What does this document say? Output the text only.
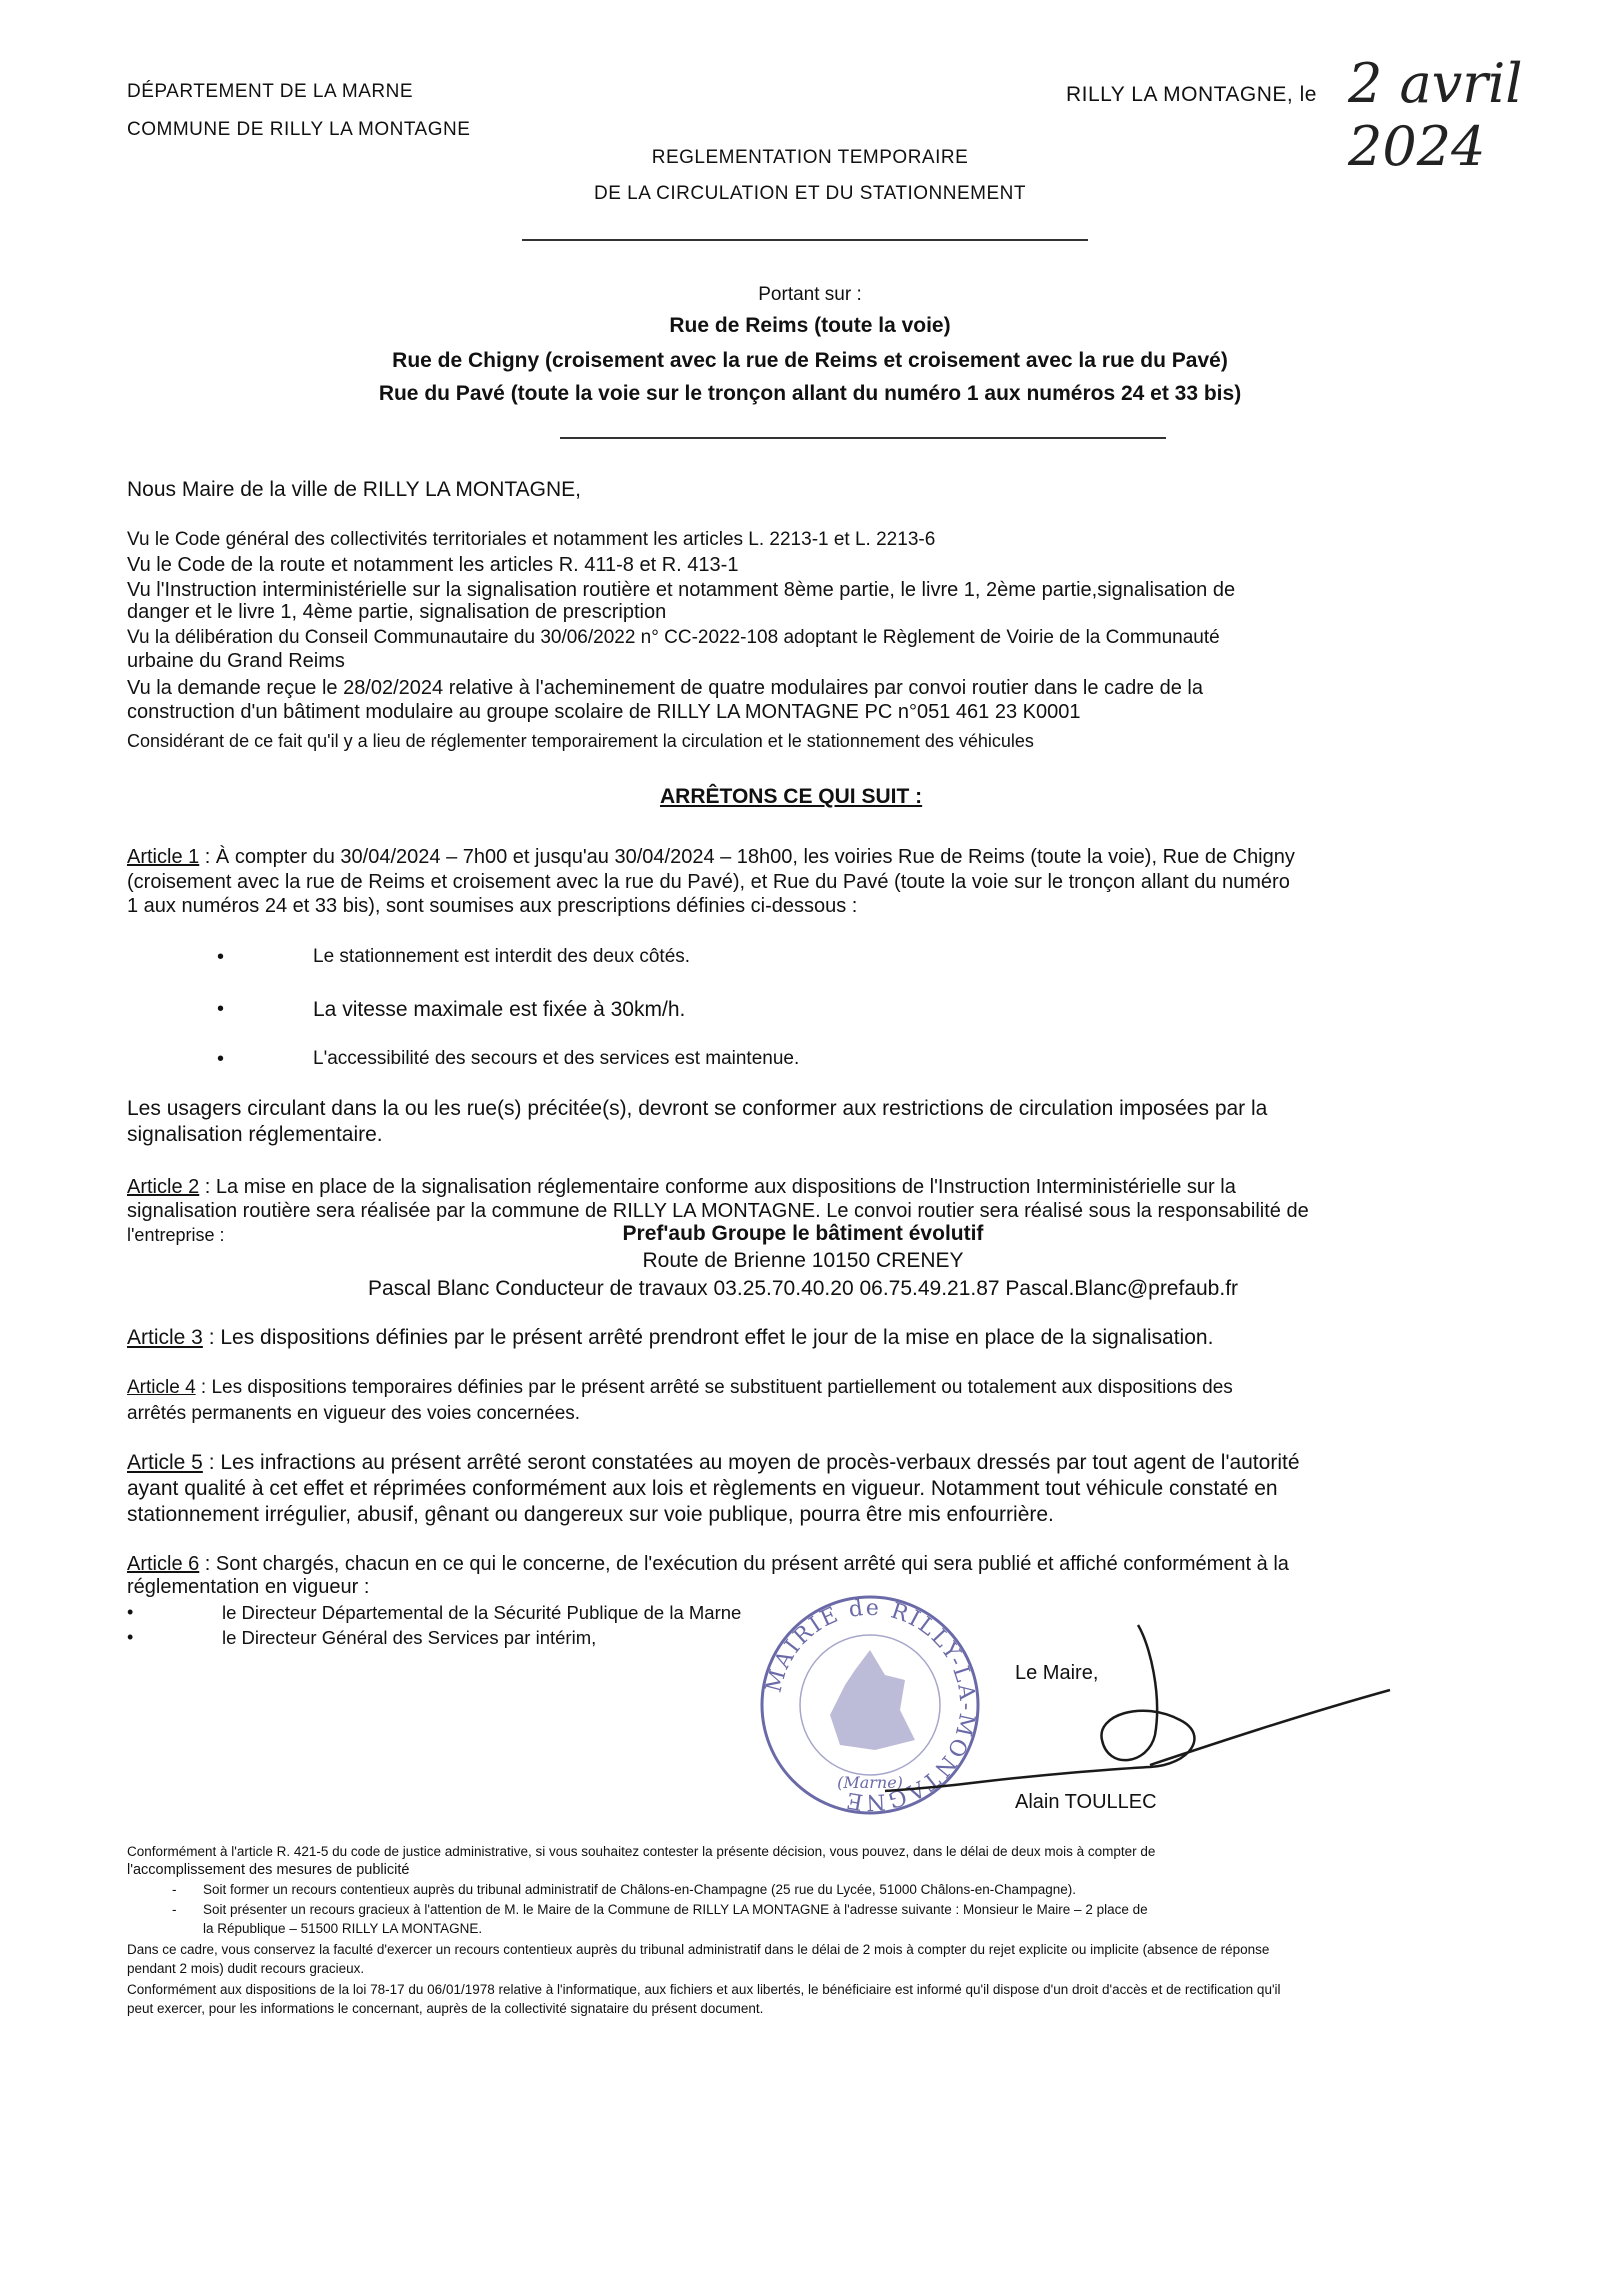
DÉPARTEMENT DE LA MARNE
COMMUNE DE RILLY LA MONTAGNE
RILLY LA MONTAGNE, le 2 avril 2024
REGLEMENTATION TEMPORAIRE
DE LA CIRCULATION ET DU STATIONNEMENT
Portant sur :
Rue de Reims (toute la voie)
Rue de Chigny (croisement avec la rue de Reims et croisement avec la rue du Pavé)
Rue du Pavé (toute la voie sur le tronçon allant du numéro 1 aux numéros 24 et 33 bis)
Nous Maire de la ville de RILLY LA MONTAGNE,
Vu le Code général des collectivités territoriales et notamment les articles L. 2213-1 et L. 2213-6
Vu le Code de la route et notamment les articles R. 411-8 et R. 413-1
Vu l'Instruction interministérielle sur la signalisation routière et notamment 8ème partie, le livre 1, 2ème partie,signalisation de
danger et le livre 1, 4ème partie, signalisation de prescription
Vu la délibération du Conseil Communautaire du 30/06/2022 n° CC-2022-108 adoptant le Règlement de Voirie de la Communauté
urbaine du Grand Reims
Vu la demande reçue le 28/02/2024 relative à l'acheminement de quatre modulaires par convoi routier dans le cadre de la
construction d'un bâtiment modulaire au groupe scolaire de RILLY LA MONTAGNE PC n°051 461 23 K0001
Considérant de ce fait qu'il y a lieu de réglementer temporairement la circulation et le stationnement des véhicules
ARRÊTONS CE QUI SUIT :
Article 1 : À compter du 30/04/2024 – 7h00 et jusqu'au 30/04/2024 – 18h00, les voiries Rue de Reims (toute la voie), Rue de Chigny
(croisement avec la rue de Reims et croisement avec la rue du Pavé), et Rue du Pavé (toute la voie sur le tronçon allant du numéro
1 aux numéros 24 et 33 bis), sont soumises aux prescriptions définies ci-dessous :
•	Le stationnement est interdit des deux côtés.
•	La vitesse maximale est fixée à 30km/h.
•	L'accessibilité des secours et des services est maintenue.
Les usagers circulant dans la ou les rue(s) précitée(s), devront se conformer aux restrictions de circulation imposées par la
signalisation réglementaire.
Article 2 : La mise en place de la signalisation réglementaire conforme aux dispositions de l'Instruction Interministérielle sur la
signalisation routière sera réalisée par la commune de RILLY LA MONTAGNE. Le convoi routier sera réalisé sous la responsabilité de
l'entreprise :	Pref'aub Groupe le bâtiment évolutif
Route de Brienne 10150 CRENEY
Pascal Blanc Conducteur de travaux 03.25.70.40.20 06.75.49.21.87 Pascal.Blanc@prefaub.fr
Article 3 : Les dispositions définies par le présent arrêté prendront effet le jour de la mise en place de la signalisation.
Article 4 : Les dispositions temporaires définies par le présent arrêté se substituent partiellement ou totalement aux dispositions des
arrêtés permanents en vigueur des voies concernées.
Article 5 : Les infractions au présent arrêté seront constatées au moyen de procès-verbaux dressés par tout agent de l'autorité
ayant qualité à cet effet et réprimées conformément aux lois et règlements en vigueur. Notamment tout véhicule constaté en
stationnement irrégulier, abusif, gênant ou dangereux sur voie publique, pourra être mis enfourrière.
Article 6 : Sont chargés, chacun en ce qui le concerne, de l'exécution du présent arrêté qui sera publié et affiché conformément à la
réglementation en vigueur :
•	le Directeur Départemental de la Sécurité Publique de la Marne
•	le Directeur Général des Services par intérim,
MAIRIE de RILLY-LA-MONTAGNE
(Marne)
Le Maire,
Alain TOULLEC
Conformément à l'article R. 421-5 du code de justice administrative, si vous souhaitez contester la présente décision, vous pouvez, dans le délai de deux mois à compter de
l'accomplissement des mesures de publicité
- Soit former un recours contentieux auprès du tribunal administratif de Châlons-en-Champagne (25 rue du Lycée, 51000 Châlons-en-Champagne).
- Soit présenter un recours gracieux à l'attention de M. le Maire de la Commune de RILLY LA MONTAGNE à l'adresse suivante : Monsieur le Maire – 2 place de
la République – 51500 RILLY LA MONTAGNE.
Dans ce cadre, vous conservez la faculté d'exercer un recours contentieux auprès du tribunal administratif dans le délai de 2 mois à compter du rejet explicite ou implicite (absence de réponse
pendant 2 mois) dudit recours gracieux.
Conformément aux dispositions de la loi 78-17 du 06/01/1978 relative à l'informatique, aux fichiers et aux libertés, le bénéficiaire est informé qu'il dispose d'un droit d'accès et de rectification qu'il
peut exercer, pour les informations le concernant, auprès de la collectivité signataire du présent document.
